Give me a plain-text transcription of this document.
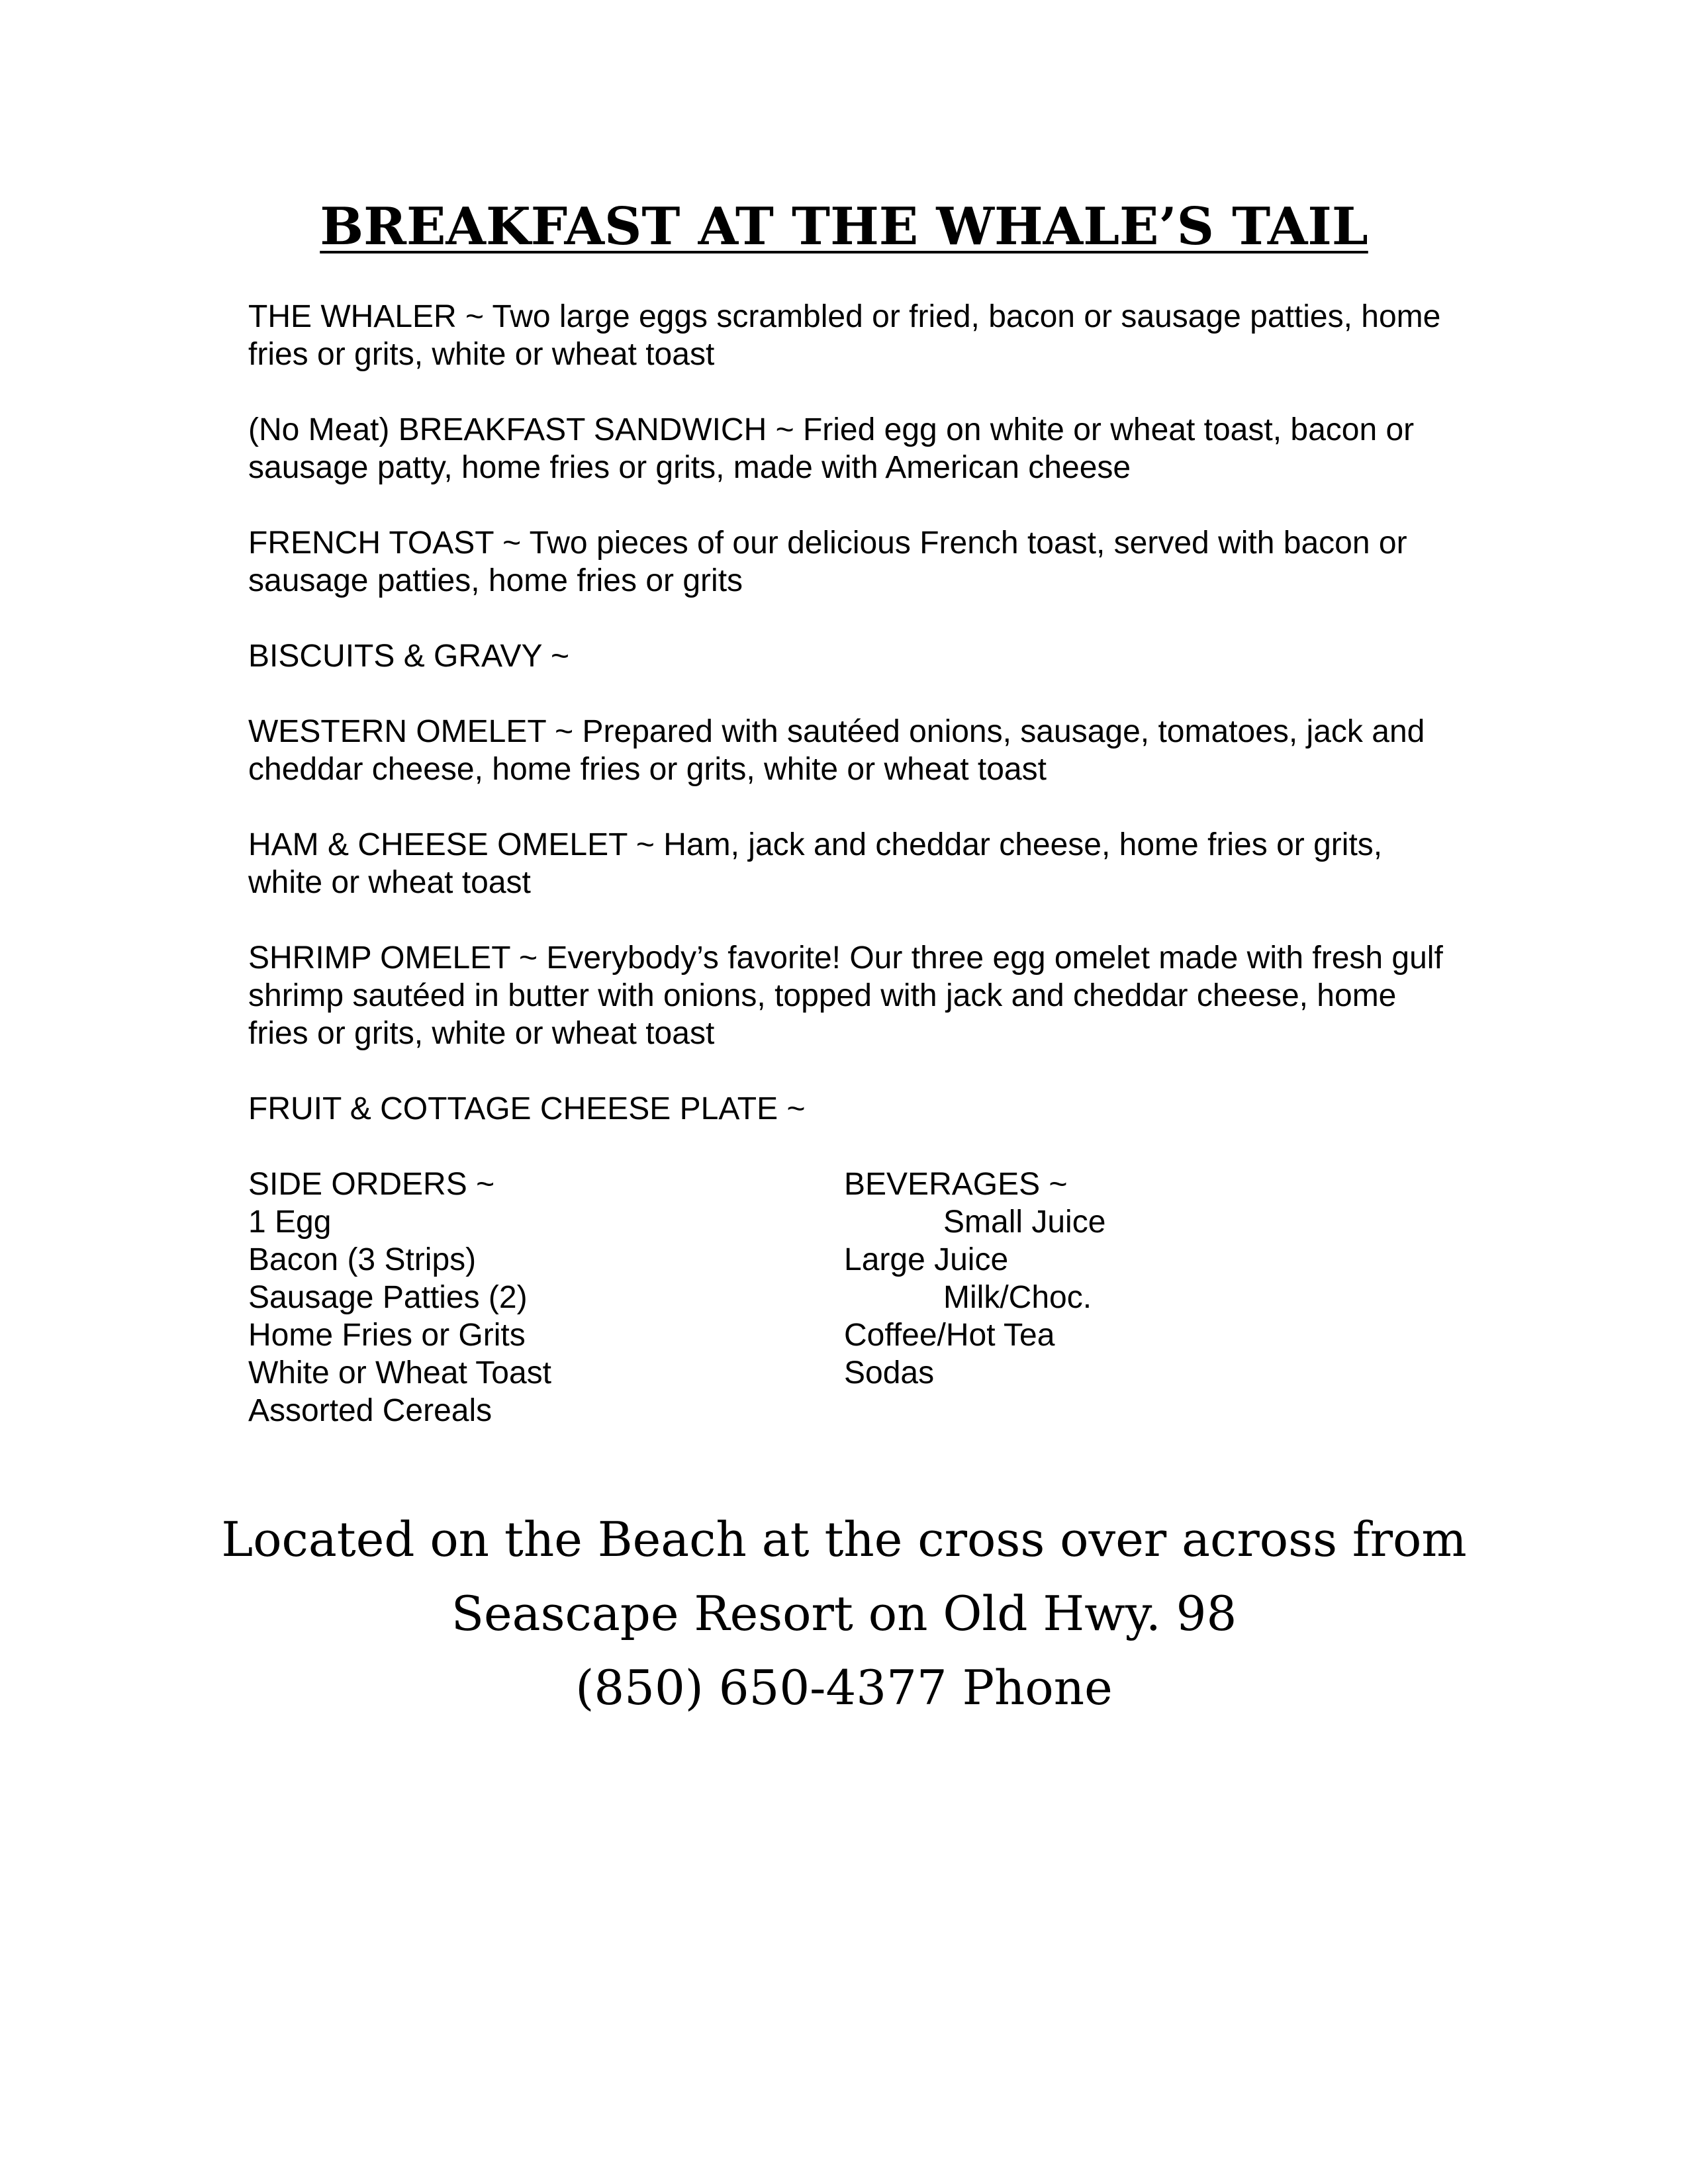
BREAKFAST AT THE WHALE’S TAIL

THE WHALER ~ Two large eggs scrambled or fried, bacon or sausage patties, home fries or grits, white or wheat toast

(No Meat) BREAKFAST SANDWICH ~ Fried egg on white or wheat toast, bacon or sausage patty, home fries or grits, made with American cheese

FRENCH TOAST ~ Two pieces of our delicious French toast, served with bacon or sausage patties, home fries or grits

BISCUITS & GRAVY ~

WESTERN OMELET ~ Prepared with sautéed onions, sausage, tomatoes, jack and cheddar cheese, home fries or grits, white or wheat toast

HAM & CHEESE OMELET ~ Ham, jack and cheddar cheese, home fries or grits, white or wheat toast

SHRIMP OMELET ~ Everybody’s favorite! Our three egg omelet made with fresh gulf shrimp sautéed in butter with onions, topped with jack and cheddar cheese, home fries or grits, white or wheat toast

FRUIT & COTTAGE CHEESE PLATE ~

SIDE ORDERS ~
1 Egg
Bacon (3 Strips)
Sausage Patties (2)
Home Fries or Grits
White or Wheat Toast
Assorted Cereals
BEVERAGES ~
Small Juice
Large Juice
Milk/Choc.
Coffee/Hot Tea
Sodas
Located on the Beach at the cross over across from
Seascape Resort on Old Hwy. 98
(850) 650-4377 Phone
